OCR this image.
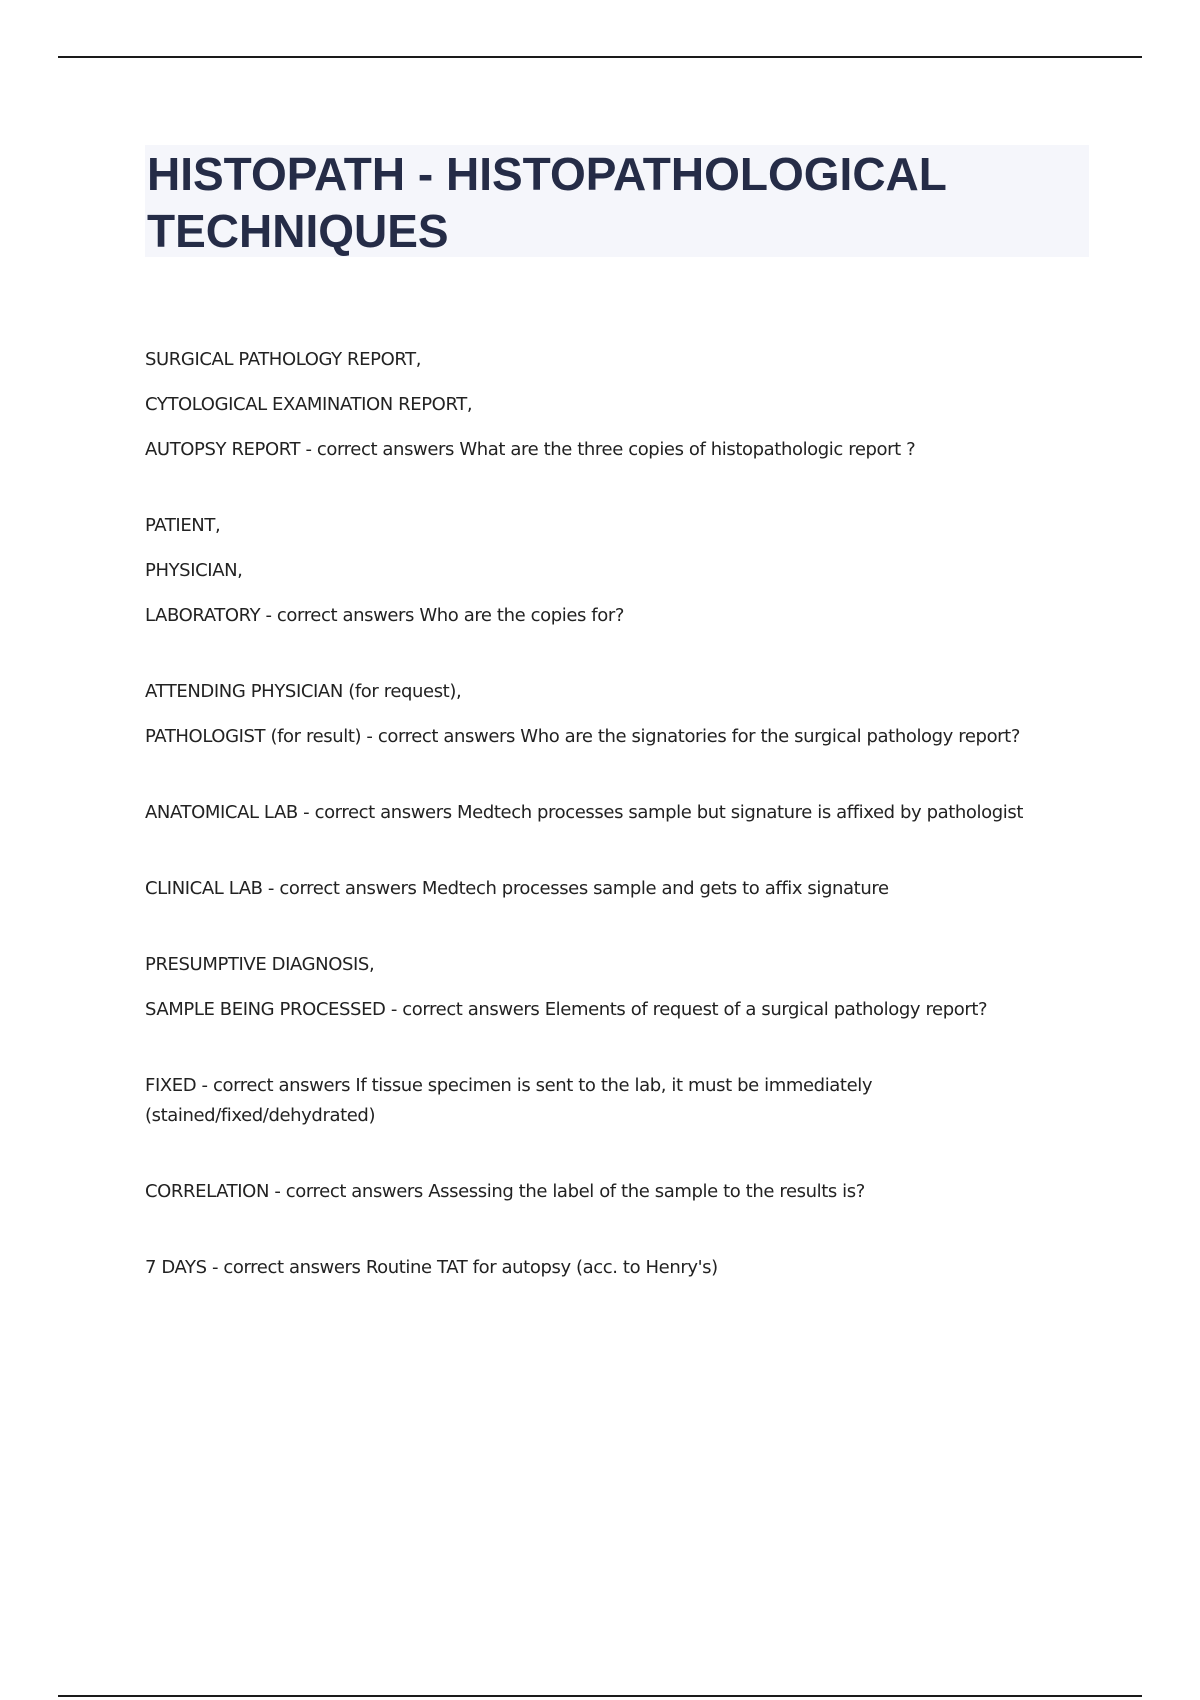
HISTOPATH - HISTOPATHOLOGICAL TECHNIQUES
SURGICAL PATHOLOGY REPORT,
CYTOLOGICAL EXAMINATION REPORT,
AUTOPSY REPORT - correct answers What are the three copies of histopathologic report ?
PATIENT,
PHYSICIAN,
LABORATORY - correct answers Who are the copies for?
ATTENDING PHYSICIAN (for request),
PATHOLOGIST (for result) - correct answers Who are the signatories for the surgical pathology report?
ANATOMICAL LAB - correct answers Medtech processes sample but signature is affixed by pathologist
CLINICAL LAB - correct answers Medtech processes sample and gets to affix signature
PRESUMPTIVE DIAGNOSIS,
SAMPLE BEING PROCESSED - correct answers Elements of request of a surgical pathology report?
FIXED - correct answers If tissue specimen is sent to the lab, it must be immediately (stained/fixed/dehydrated)
CORRELATION - correct answers Assessing the label of the sample to the results is?
7 DAYS - correct answers Routine TAT for autopsy (acc. to Henry's)
